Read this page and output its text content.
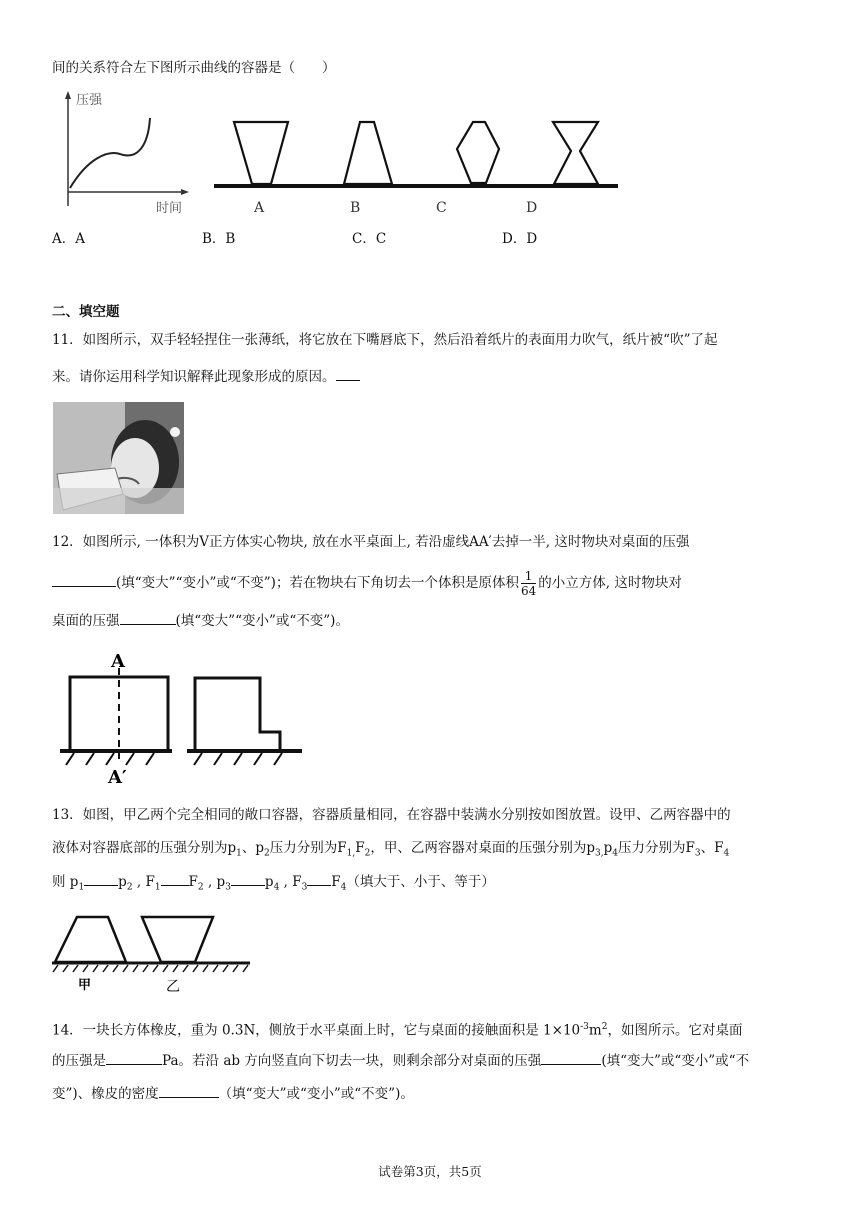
间的关系符合左下图所示曲线的容器是（　　）
压强
时间	A	B	C	D
A．A	B．B	C．C	D．D
二、填空题
11．如图所示，双手轻轻捏住一张薄纸，将它放在下嘴唇底下，然后沿着纸片的表面用力吹气，纸片被“吹”了起
来。请你运用科学知识解释此现象形成的原因。
12．如图所示, 一体积为V正方体实心物块, 放在水平桌面上, 若沿虚线AA′去掉一半, 这时物块对桌面的压强
(填“变大”“变小”或“不变”)；若在物块右下角切去一个体积是原体积 $\frac{1}{64}$ 的小立方体, 这时物块对
桌面的压强	(填“变大”“变小”或“不变”)。
A
A′
13．如图，甲乙两个完全相同的敞口容器，容器质量相同，在容器中装满水分别按如图放置。设甲、乙两容器中的
液体对容器底部的压强分别为$p_1$、$p_2$压力分别为$F_{1,}F_2$，甲、乙两容器对桌面的压强分别为$p_{3,}p_4$压力分别为$F_3$、$F_4$
则 $p_1$	$p_2$ , $F_1$ $F_2$ , $p_3$	$p_4$ , $F_3$ $F_4$（填大于、小于、等于）
甲	乙
14．一块长方体橡皮，重为 0.3N，侧放于水平桌面上时，它与桌面的接触面积是 $1\times 10^{-3}m^2$，如图所示。它对桌面
的压强是	Pa。若沿 ab 方向竖直向下切去一块，则剩余部分对桌面的压强	(填“变大”或“变小”或“不
变”)、橡皮的密度	（填“变大”或“变小”或“不变”)。
试卷第3页，共5页
